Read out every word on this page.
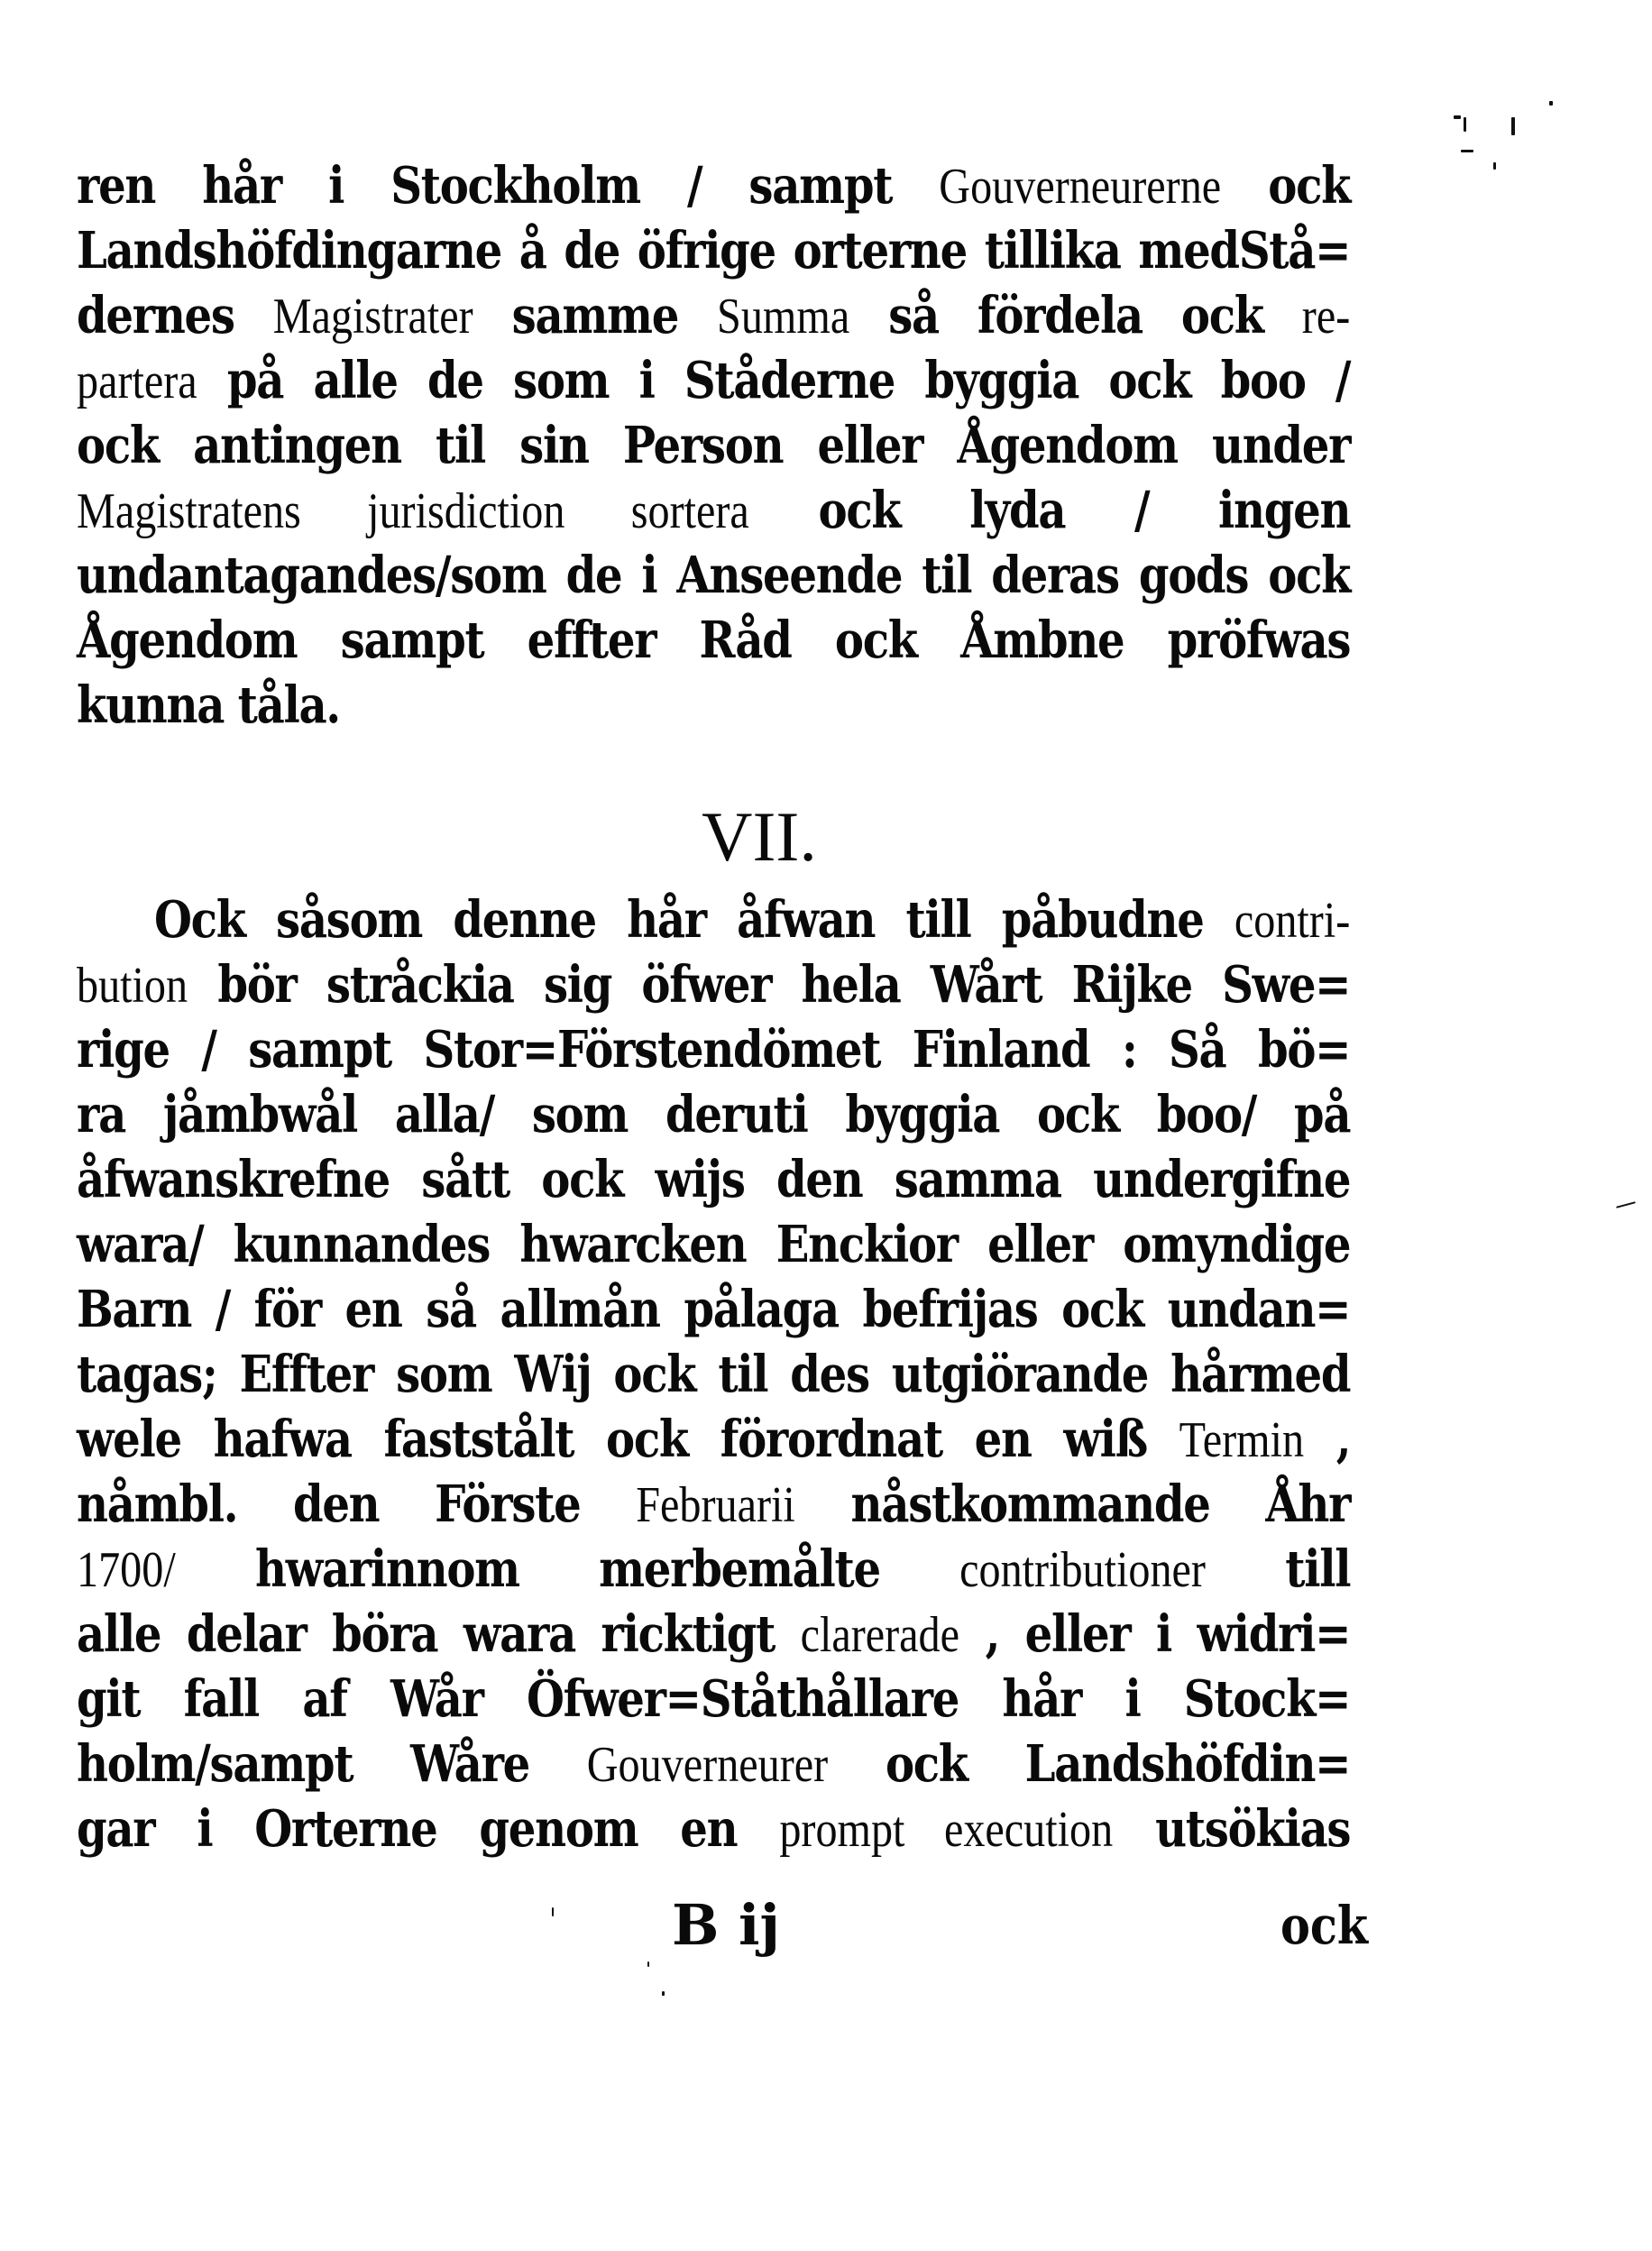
ren hår i Stockholm / sampt Gouverneurerne ock
Landshöfdingarne å de öfrige orterne tillika medStå=
dernes Magistrater samme Summa så fördela ock re-
partera på alle de som i Ståderne byggia ock boo /
ock antingen til sin Person eller Ågendom under
Magistratens jurisdiction sortera ock lyda / ingen
undantagandes/som de i Anseende til deras gods ock
Ågendom sampt effter Råd ock Åmbne pröfwas
kunna tåla.
VII.
Ock såsom denne hår åfwan till påbudne contri-
bution bör stråckia sig öfwer hela Wårt Rijke Swe=
rige / sampt Stor=Förstendömet Finland : Så bö=
ra jåmbwål alla/ som deruti byggia ock boo/ på
åfwanskrefne sått ock wijs den samma undergifne
wara/ kunnandes hwarcken Enckior eller omyndige
Barn / för en så allmån pålaga befrijas ock undan=
tagas; Effter som Wij ock til des utgiörande hårmed
wele hafwa faststålt ock förordnat en wiß Termin ,
nåmbl. den Förste Februarii nåstkommande Åhr
1700/ hwarinnom merbemålte contributioner till
alle delar böra wara ricktigt clarerade , eller i widri=
git fall af Wår Öfwer=Ståthållare hår i Stock=
holm/sampt Wåre Gouverneurer ock Landshöfdin=
gar i Orterne genom en prompt execution utsökias
B ij	ock
